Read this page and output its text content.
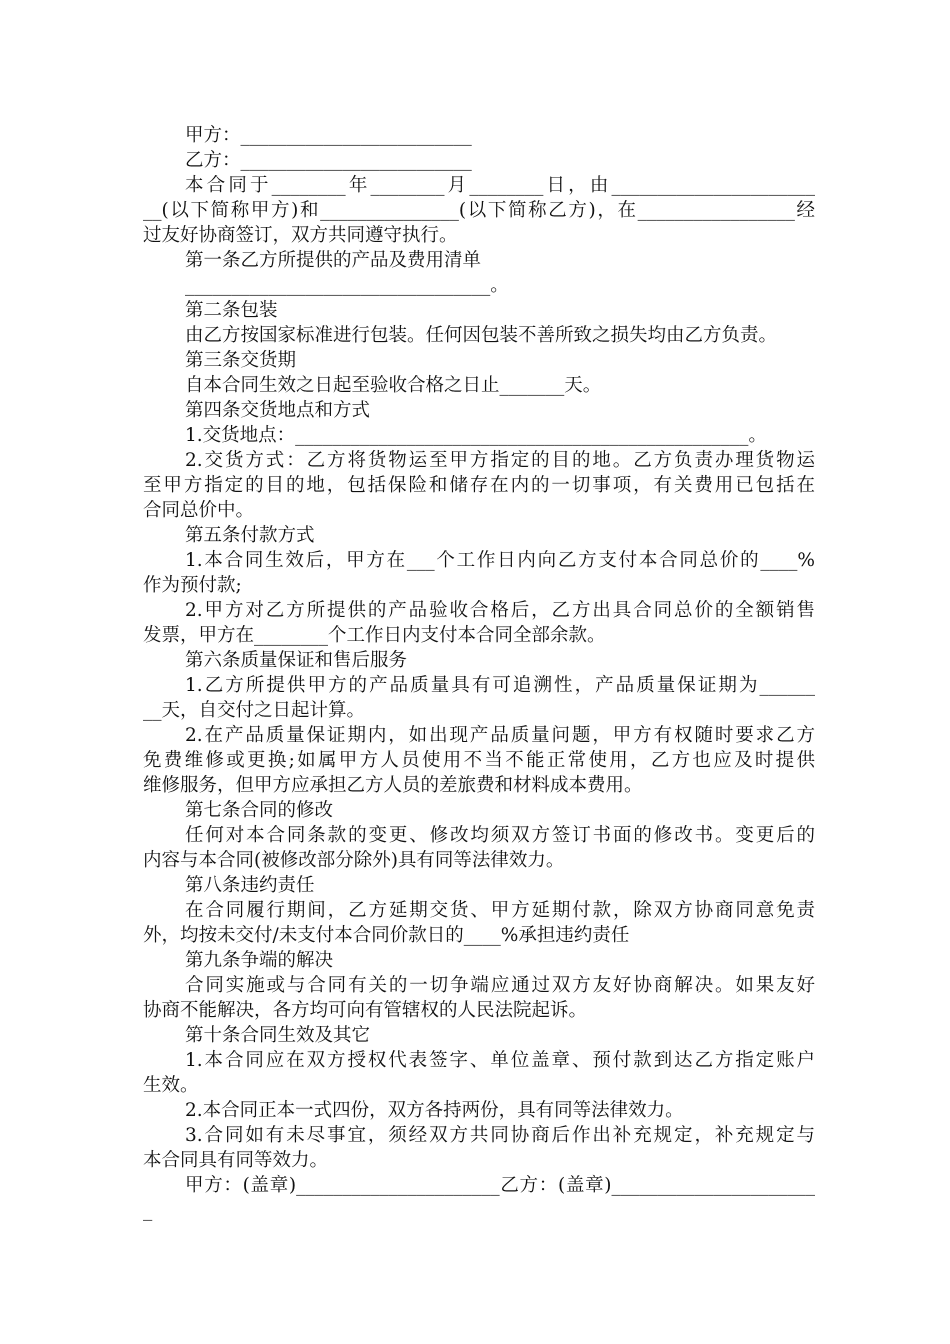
甲方：_________________________
乙方：_________________________
本合同于________年________月________日，由______________________
__(以下简称甲方)和_______________(以下简称乙方)，在_________________经
过友好协商签订，双方共同遵守执行。
第一条乙方所提供的产品及费用清单
_________________________________。
第二条包装
由乙方按国家标准进行包装。任何因包装不善所致之损失均由乙方负责。
第三条交货期
自本合同生效之日起至验收合格之日止_______天。
第四条交货地点和方式
1.交货地点：_________________________________________________。
2.交货方式：乙方将货物运至甲方指定的目的地。乙方负责办理货物运
至甲方指定的目的地，包括保险和储存在内的一切事项，有关费用已包括在
合同总价中。
第五条付款方式
1.本合同生效后，甲方在___个工作日内向乙方支付本合同总价的____%
作为预付款;
2.甲方对乙方所提供的产品验收合格后，乙方出具合同总价的全额销售
发票，甲方在________个工作日内支付本合同全部余款。
第六条质量保证和售后服务
1.乙方所提供甲方的产品质量具有可追溯性，产品质量保证期为______
__天，自交付之日起计算。
2.在产品质量保证期内，如出现产品质量问题，甲方有权随时要求乙方
免费维修或更换;如属甲方人员使用不当不能正常使用，乙方也应及时提供
维修服务，但甲方应承担乙方人员的差旅费和材料成本费用。
第七条合同的修改
任何对本合同条款的变更、修改均须双方签订书面的修改书。变更后的
内容与本合同(被修改部分除外)具有同等法律效力。
第八条违约责任
在合同履行期间，乙方延期交货、甲方延期付款，除双方协商同意免责
外，均按未交付/未支付本合同价款日的____%承担违约责任
第九条争端的解决
合同实施或与合同有关的一切争端应通过双方友好协商解决。如果友好
协商不能解决，各方均可向有管辖权的人民法院起诉。
第十条合同生效及其它
1.本合同应在双方授权代表签字、单位盖章、预付款到达乙方指定账户
生效。
2.本合同正本一式四份，双方各持两份，具有同等法律效力。
3.合同如有未尽事宜，须经双方共同协商后作出补充规定，补充规定与
本合同具有同等效力。
甲方：(盖章)______________________乙方：(盖章)______________________
_
